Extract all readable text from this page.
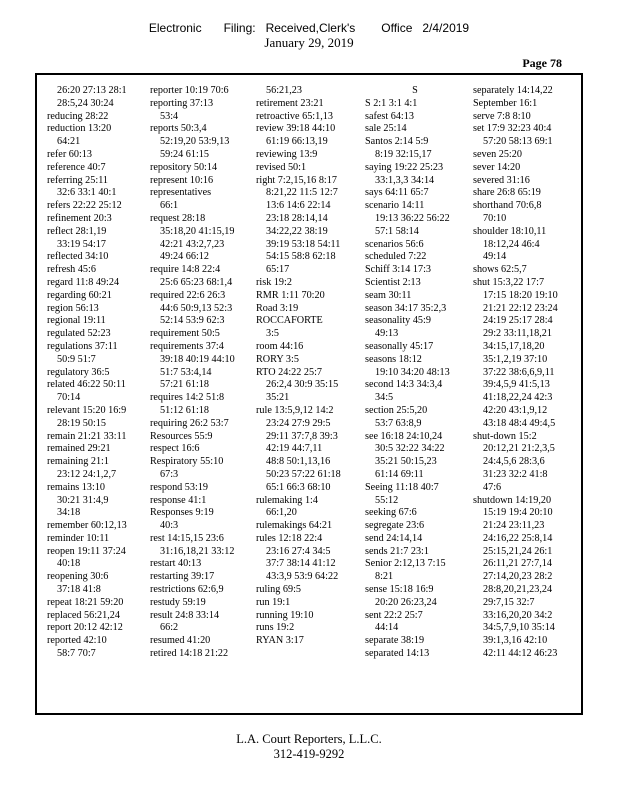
Electronic Filing: Received,Clerk's Office 2/4/2019
January 29, 2019
Page 78
26:20 27:13 28:1
28:5,24 30:24
reducing 28:22
reduction 13:20
64:21
refer 60:13
reference 40:7
referring 25:11
32:6 33:1 40:1
refers 22:22 25:12
refinement 20:3
reflect 28:1,19
33:19 54:17
reflected 34:10
refresh 45:6
regard 11:8 49:24
regarding 60:21
region 56:13
regional 19:11
regulated 52:23
regulations 37:11
50:9 51:7
regulatory 36:5
related 46:22 50:11
70:14
relevant 15:20 16:9
28:19 50:15
remain 21:21 33:11
remained 29:21
remaining 21:1
23:12 24:1,2,7
remains 13:10
30:21 31:4,9
34:18
remember 60:12,13
reminder 10:11
reopen 19:11 37:24
40:18
reopening 30:6
37:18 41:8
repeat 18:21 59:20
replaced 56:21,24
report 20:12 42:12
reported 42:10
58:7 70:7
reporter 10:19 70:6
reporting 37:13
53:4
reports 50:3,4
52:19,20 53:9,13
59:24 61:15
repository 50:14
represent 10:16
representatives
66:1
request 28:18
35:18,20 41:15,19
42:21 43:2,7,23
49:24 66:12
require 14:8 22:4
25:6 65:23 68:1,4
required 22:6 26:3
44:6 50:9,13 52:3
52:14 53:9 62:3
requirement 50:5
requirements 37:4
39:18 40:19 44:10
51:7 53:4,14
57:21 61:18
requires 14:2 51:8
51:12 61:18
requiring 26:2 53:7
Resources 55:9
respect 16:6
Respiratory 55:10
67:3
respond 53:19
response 41:1
Responses 9:19
40:3
rest 14:15,15 23:6
31:16,18,21 33:12
restart 40:13
restarting 39:17
restrictions 62:6,9
restudy 59:19
result 24:8 33:14
66:2
resumed 41:20
retired 14:18 21:22
56:21,23
retirement 23:21
retroactive 65:1,13
review 39:18 44:10
61:19 66:13,19
reviewing 13:9
revised 50:1
right 7:2,15,16 8:17
8:21,22 11:5 12:7
13:6 14:6 22:14
23:18 28:14,14
34:22,22 38:19
39:19 53:18 54:11
54:15 58:8 62:18
65:17
risk 19:2
RMR 1:11 70:20
Road 3:19
ROCCAFORTE
3:5
room 44:16
RORY 3:5
RTO 24:22 25:7
26:2,4 30:9 35:15
35:21
rule 13:5,9,12 14:2
23:24 27:9 29:5
29:11 37:7,8 39:3
42:19 44:7,11
48:8 50:1,13,16
50:23 57:22 61:18
65:1 66:3 68:10
rulemaking 1:4
66:1,20
rulemakings 64:21
rules 12:18 22:4
23:16 27:4 34:5
37:7 38:14 41:12
43:3,9 53:9 64:22
ruling 69:5
run 19:1
running 19:10
runs 19:2
RYAN 3:17
S
S 2:1 3:1 4:1
safest 64:13
sale 25:14
Santos 2:14 5:9
8:19 32:15,17
saying 19:22 25:23
33:1,3,3 34:14
says 64:11 65:7
scenario 14:11
19:13 36:22 56:22
57:1 58:14
scenarios 56:6
scheduled 7:22
Schiff 3:14 17:3
Scientist 2:13
seam 30:11
season 34:17 35:2,3
seasonality 45:9
49:13
seasonally 45:17
seasons 18:12
19:10 34:20 48:13
second 14:3 34:3,4
34:5
section 25:5,20
53:7 63:8,9
see 16:18 24:10,24
30:5 32:22 34:22
35:21 50:15,23
61:14 69:11
Seeing 11:18 40:7
55:12
seeking 67:6
segregate 23:6
send 24:14,14
sends 21:7 23:1
Senior 2:12,13 7:15
8:21
sense 15:18 16:9
20:20 26:23,24
sent 22:2 25:7
44:14
separate 38:19
separated 14:13
separately 14:14,22
September 16:1
serve 7:8 8:10
set 17:9 32:23 40:4
57:20 58:13 69:1
seven 25:20
sever 14:20
severed 31:16
share 26:8 65:19
shorthand 70:6,8
70:10
shoulder 18:10,11
18:12,24 46:4
49:14
shows 62:5,7
shut 15:3,22 17:7
17:15 18:20 19:10
21:21 22:12 23:24
24:19 25:17 28:4
29:2 33:11,18,21
34:15,17,18,20
35:1,2,19 37:10
37:22 38:6,6,9,11
39:4,5,9 41:5,13
41:18,22,24 42:3
42:20 43:1,9,12
43:18 48:4 49:4,5
shut-down 15:2
20:12,21 21:2,3,5
24:4,5,6 28:3,6
31:23 32:2 41:8
47:6
shutdown 14:19,20
15:19 19:4 20:10
21:24 23:11,23
24:16,22 25:8,14
25:15,21,24 26:1
26:11,21 27:7,14
27:14,20,23 28:2
28:8,20,21,23,24
29:7,15 32:7
33:16,20,20 34:2
34:5,7,9,10 35:14
39:1,3,16 42:10
42:11 44:12 46:23
L.A. Court Reporters, L.L.C.
312-419-9292
